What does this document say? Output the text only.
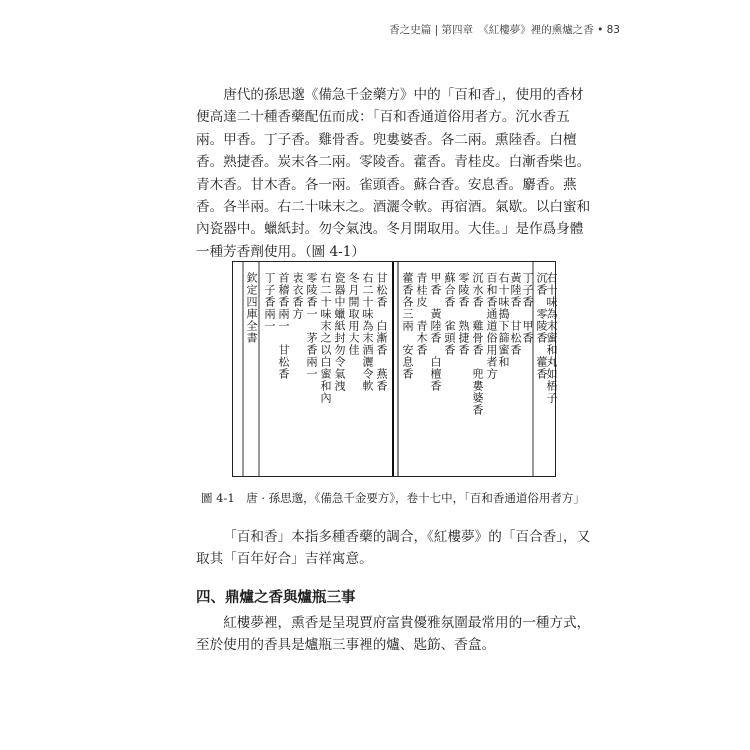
香之史篇 | 第四章　《紅樓夢》裡的熏爐之香 • 83

唐代的孫思邈《備急千金藥方》中的「百和香」，使用的香材便高達二十種香藥配伍而成：「百和香通道俗用者方。沉水香五兩。甲香。丁子香。雞骨香。兜婁婆香。各二兩。熏陸香。白檀香。熟捷香。炭末各二兩。零陵香。藿香。青桂皮。白漸香柴也。青木香。甘木香。各一兩。雀頭香。蘇合香。安息香。麝香。燕香。各半兩。右二十味末之。酒灑令軟。再宿酒。氣歇。以白蜜和內瓷器中。蠟紙封。勿令氣洩。冬月開取用。大佳。」是作爲身體一種芳香劑使用。（圖 4-1）

欽定四庫全書 丁子香兩一 首稽香兩一　甘松香 衷衣香方 零陵香一　茅香兩一 右二十味末之以白蜜和內 瓷器中蠟紙封勿令氣洩 冬月開取用大佳 右二十味為末酒灑令軟 甘松香　白漸香　燕香 藿香各三兩　安息香 青桂皮　青木香 甲香　黃陸香　白檀香 蘇合香　雀頭香 零陵香　熟捷香 沉水香　雞骨香　兜婁婆香 百和香通道俗用者方 右十味搗下篩蜜和 黃陸香　甘松香 丁子香　甲香 沉香　零陵香　藿香
右十味為末蜜和丸如梧子
圖 4-1　唐 · 孫思邈，《備急千金要方》，卷十七中，「百和香通道俗用者方」

「百和香」本指多種香藥的調合，《紅樓夢》的「百合香」，又取其「百年好合」吉祥寓意。

四、鼎爐之香與爐瓶三事

紅樓夢裡，熏香是呈現賈府富貴優雅氛圍最常用的一種方式，至於使用的香具是爐瓶三事裡的爐、匙筯、香盒。
